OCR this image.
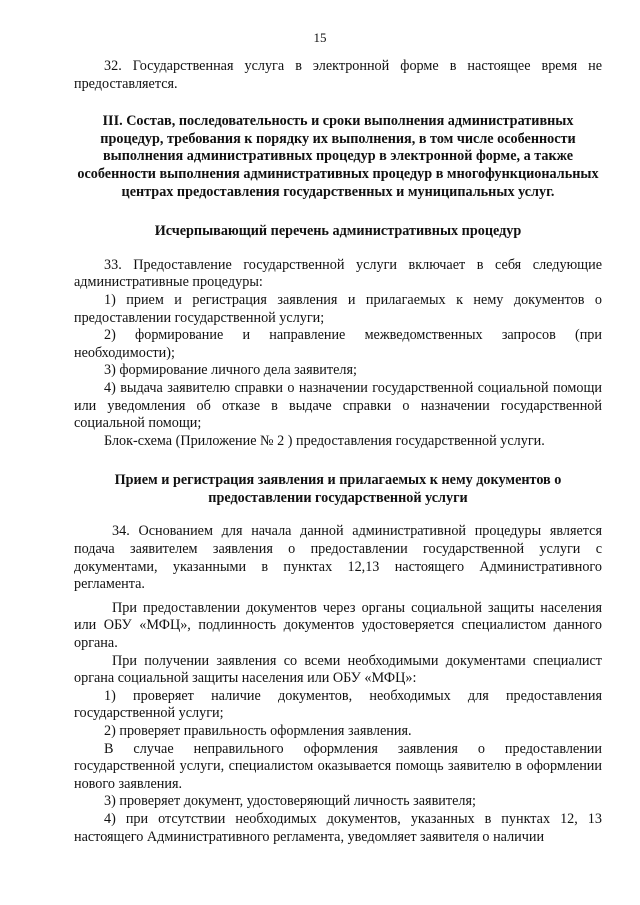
15

32. Государственная услуга в электронной форме в настоящее время не предоставляется.

III. Состав, последовательность и сроки выполнения административных процедур, требования к порядку их выполнения, в том числе особенности выполнения административных процедур в электронной форме, а также особенности выполнения административных процедур в многофункциональных центрах предоставления государственных и муниципальных услуг.

Исчерпывающий перечень административных процедур

33. Предоставление государственной услуги включает в себя следующие административные процедуры:

1) прием и регистрация заявления и прилагаемых к нему документов о предоставлении государственной услуги;

2) формирование и направление межведомственных запросов (при необходимости);

3) формирование личного дела заявителя;

4) выдача заявителю справки о назначении государственной социальной помощи или уведомления об отказе в выдаче справки о назначении государственной социальной помощи;

Блок-схема (Приложение № 2 ) предоставления государственной услуги.

Прием и регистрация заявления и прилагаемых к нему документов о предоставлении государственной услуги

34. Основанием для начала данной административной процедуры является подача заявителем заявления о предоставлении государственной услуги с документами, указанными в пунктах 12,13 настоящего Административного регламента.

При предоставлении документов через органы социальной защиты населения или ОБУ «МФЦ», подлинность документов удостоверяется специалистом данного органа.

При получении заявления со всеми необходимыми документами специалист органа социальной защиты населения или ОБУ «МФЦ»:

1) проверяет наличие документов, необходимых для предоставления государственной услуги;

2) проверяет правильность оформления заявления.

В случае неправильного оформления заявления о предоставлении государственной услуги, специалистом оказывается помощь заявителю в оформлении нового заявления.

3) проверяет документ, удостоверяющий личность заявителя;

4) при отсутствии необходимых документов, указанных в пунктах 12, 13 настоящего Административного регламента, уведомляет заявителя о наличии
